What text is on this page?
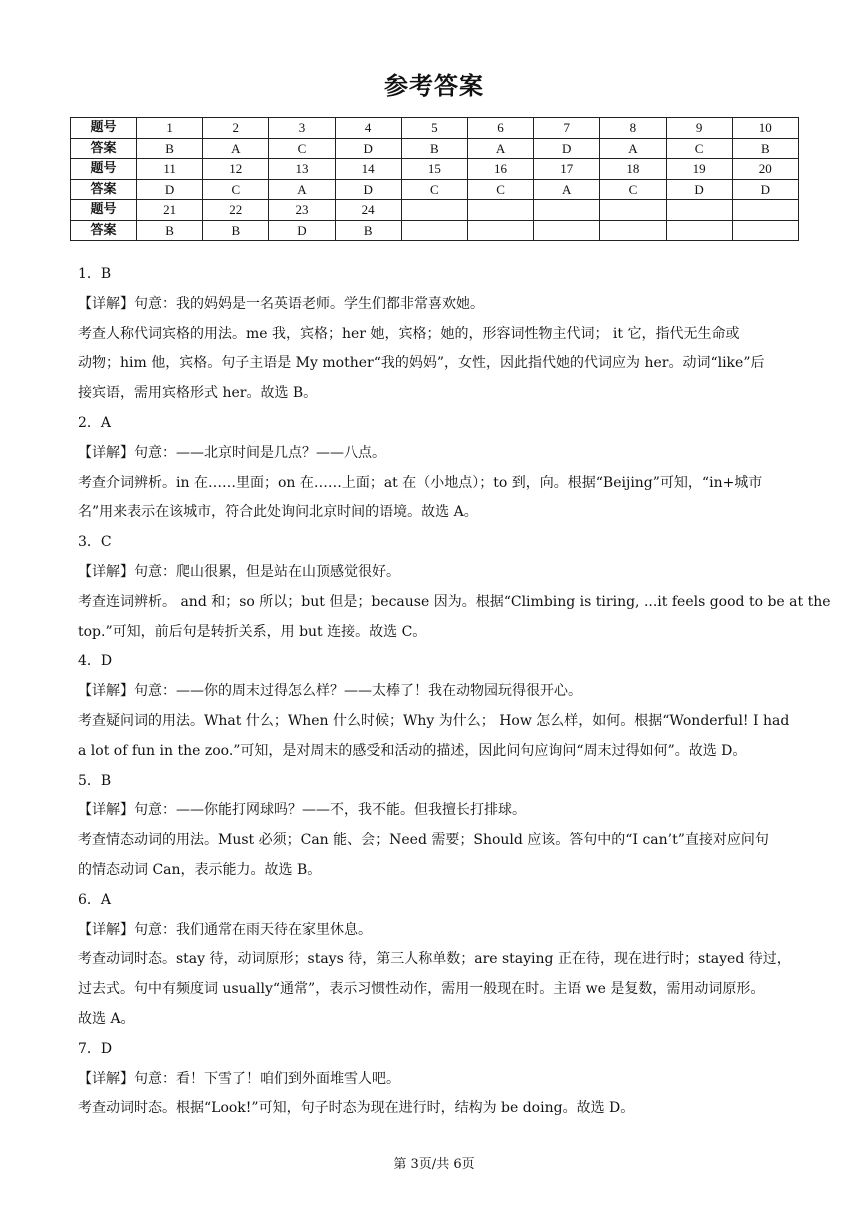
参考答案
题号	1	2	3	4	5	6	7	8	9	10
答案	B	A	C	D	B	A	D	A	C	B
题号	11	12	13	14	15	16	17	18	19	20
答案	D	C	A	D	C	C	A	C	D	D
题号	21	22	23	24						
答案	B	B	D	B						
1．B
【详解】句意：我的妈妈是一名英语老师。学生们都非常喜欢她。
考查人称代词宾格的用法。me 我，宾格；her 她，宾格；她的，形容词性物主代词； it 它，指代无生命或
动物；him 他，宾格。句子主语是 My mother“我的妈妈”，女性，因此指代她的代词应为 her。动词“like”后
接宾语，需用宾格形式 her。故选 B。
2．A
【详解】句意：——北京时间是几点？——八点。
考查介词辨析。in 在……里面；on 在……上面；at 在（小地点）；to 到，向。根据“Beijing”可知，“in+城市
名”用来表示在该城市，符合此处询问北京时间的语境。故选 A。
3．C
【详解】句意：爬山很累，但是站在山顶感觉很好。
考查连词辨析。 and 和；so 所以；but 但是；because 因为。根据“Climbing is tiring, ...it feels good to be at the
top.”可知，前后句是转折关系，用 but 连接。故选 C。
4．D
【详解】句意：——你的周末过得怎么样？——太棒了！我在动物园玩得很开心。
考查疑问词的用法。What 什么；When 什么时候；Why 为什么； How 怎么样，如何。根据“Wonderful! I had
a lot of fun in the zoo.”可知，是对周末的感受和活动的描述，因此问句应询问“周末过得如何”。故选 D。
5．B
【详解】句意：——你能打网球吗？——不，我不能。但我擅长打排球。
考查情态动词的用法。Must 必须；Can 能、会；Need 需要；Should 应该。答句中的“I can’t”直接对应问句
的情态动词 Can，表示能力。故选 B。
6．A
【详解】句意：我们通常在雨天待在家里休息。
考查动词时态。stay 待，动词原形；stays 待，第三人称单数；are staying 正在待，现在进行时；stayed 待过，
过去式。句中有频度词 usually“通常”，表示习惯性动作，需用一般现在时。主语 we 是复数，需用动词原形。
故选 A。
7．D
【详解】句意：看！下雪了！咱们到外面堆雪人吧。
考查动词时态。根据“Look!”可知，句子时态为现在进行时，结构为 be doing。故选 D。
第 3页/共 6页
